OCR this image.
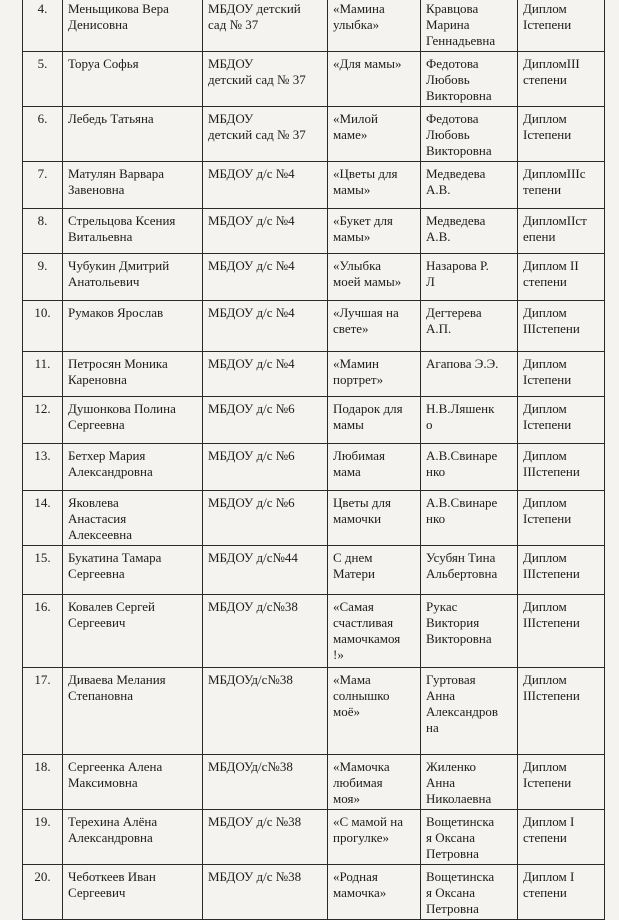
4.	Меньщикова Вера
Денисовна	МБДОУ детский
сад № 37	«Мамина
улыбка»	Кравцова
Марина
Геннадьевна	Диплом
Iстепени
5.	Торуа Софья	МБДОУ
детский сад № 37	«Для мамы»	Федотова
Любовь
Викторовна	ДипломIII
степени
6.	Лебедь Татьяна	МБДОУ
детский сад № 37	«Милой
маме»	Федотова
Любовь
Викторовна	Диплом
Iстепени
7.	Матулян Варвара
Завеновна	МБДОУ д/с №4	«Цветы для
мамы»	Медведева
А.В.	ДипломIIIс
тепени
8.	Стрельцова Ксения
Витальевна	МБДОУ д/с №4	«Букет для
мамы»	Медведева
А.В.	ДипломIIст
епени
9.	Чубукин Дмитрий
Анатольевич	МБДОУ д/с №4	«Улыбка
моей мамы»	Назарова Р.
Л	Диплом II
степени
10.	Румаков Ярослав	МБДОУ д/с №4	«Лучшая на
свете»	Дегтерева
А.П.	Диплом
IIIстепени
11.	Петросян Моника
Кареновна	МБДОУ д/с №4	«Мамин
портрет»	Агапова Э.Э.	Диплом
Iстепени
12.	Душонкова Полина
Сергеевна	МБДОУ д/с №6	Подарок для
мамы	Н.В.Ляшенк
о	Диплом
Iстепени
13.	Бетхер Мария
Александровна	МБДОУ д/с №6	Любимая
мама	А.В.Свинаре
нко	Диплом
IIIстепени
14.	Яковлева
Анастасия
Алексеевна	МБДОУ д/с №6	Цветы для
мамочки	А.В.Свинаре
нко	Диплом
Iстепени
15.	Букатина Тамара
Сергеевна	МБДОУ д/с№44	С днем
Матери	Усубян Тина
Альбертовна	Диплом
IIIстепени
16.	Ковалев Сергей
Сергеевич	МБДОУ д/с№38	«Самая
счастливая
мамочкамоя
!»	Рукас
Виктория
Викторовна	Диплом
IIIстепени
17.	Диваева Мелания
Степановна	МБДОУд/с№38	«Мама
солнышко
моё»	Гуртовая
Анна
Александров
на	Диплом
IIIстепени
18.	Сергеенка Алена
Максимовна	МБДОУд/с№38	«Мамочка
любимая
моя»	Жиленко
Анна
Николаевна	Диплом
Iстепени
19.	Терехина Алёна
Александровна	МБДОУ д/с №38	«С мамой на
прогулке»	Вощетинска
я Оксана
Петровна	Диплом I
степени
20.	Чеботкеев Иван
Сергеевич	МБДОУ д/с №38	«Родная
мамочка»	Вощетинска
я Оксана
Петровна	Диплом I
степени
